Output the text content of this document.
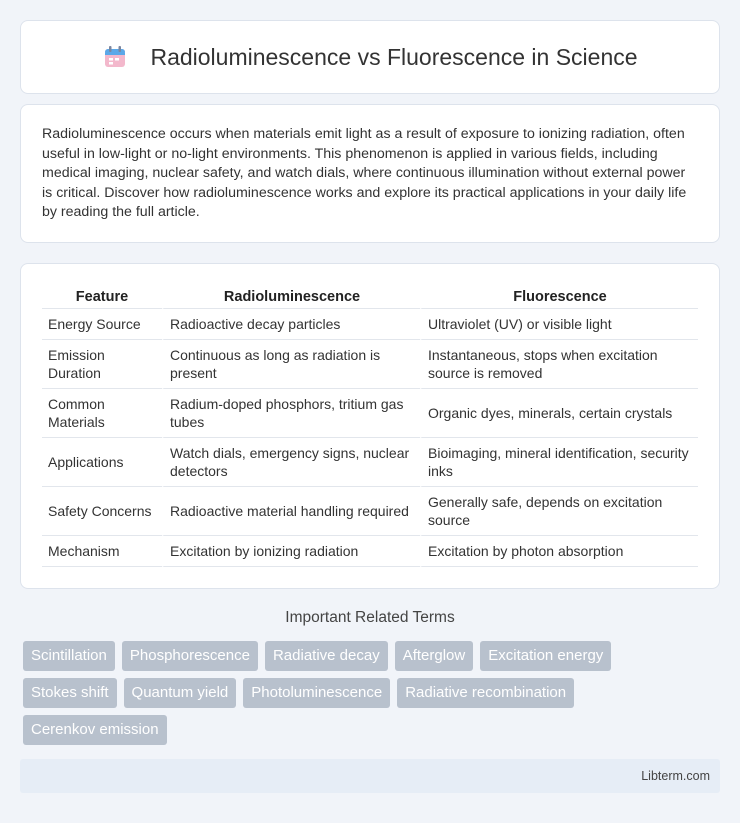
Radioluminescence vs Fluorescence in Science

Radioluminescence occurs when materials emit light as a result of exposure to ionizing radiation, often useful in low-light or no-light environments. This phenomenon is applied in various fields, including medical imaging, nuclear safety, and watch dials, where continuous illumination without external power is critical. Discover how radioluminescence works and explore its practical applications in your daily life by reading the full article.

Feature	Radioluminescence	Fluorescence
Energy Source	Radioactive decay particles	Ultraviolet (UV) or visible light
Emission Duration	Continuous as long as radiation is present	Instantaneous, stops when excitation source is removed
Common Materials	Radium-doped phosphors, tritium gas tubes	Organic dyes, minerals, certain crystals
Applications	Watch dials, emergency signs, nuclear detectors	Bioimaging, mineral identification, security inks
Safety Concerns	Radioactive material handling required	Generally safe, depends on excitation source
Mechanism	Excitation by ionizing radiation	Excitation by photon absorption
Important Related Terms
Scintillation	Phosphorescence	Radiative decay	Afterglow	Excitation energy
Stokes shift	Quantum yield	Photoluminescence	Radiative recombination
Cerenkov emission
Libterm.com
